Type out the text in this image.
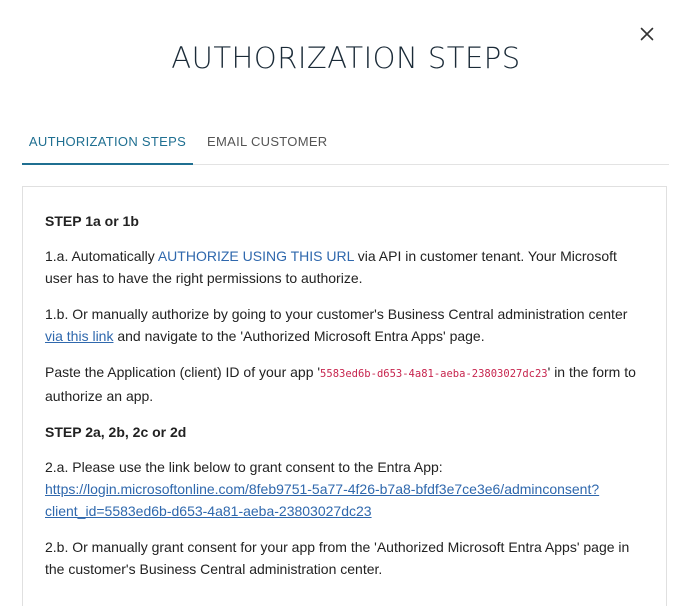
AUTHORIZATION STEPS
AUTHORIZATION STEPS	EMAIL CUSTOMER

STEP 1a or 1b

1.a. Automatically AUTHORIZE USING THIS URL via API in customer tenant. Your Microsoft user has to have the right permissions to authorize.

1.b. Or manually authorize by going to your customer's Business Central administration center via this link and navigate to the 'Authorized Microsoft Entra Apps' page.

Paste the Application (client) ID of your app '5583ed6b-d653-4a81-aeba-23803027dc23' in the form to authorize an app.

STEP 2a, 2b, 2c or 2d

2.a. Please use the link below to grant consent to the Entra App:
https://login.microsoftonline.com/8feb9751-5a77-4f26-b7a8-bfdf3e7ce3e6/adminconsent?
client_id=5583ed6b-d653-4a81-aeba-23803027dc23

2.b. Or manually grant consent for your app from the 'Authorized Microsoft Entra Apps' page in the customer's Business Central administration center.
